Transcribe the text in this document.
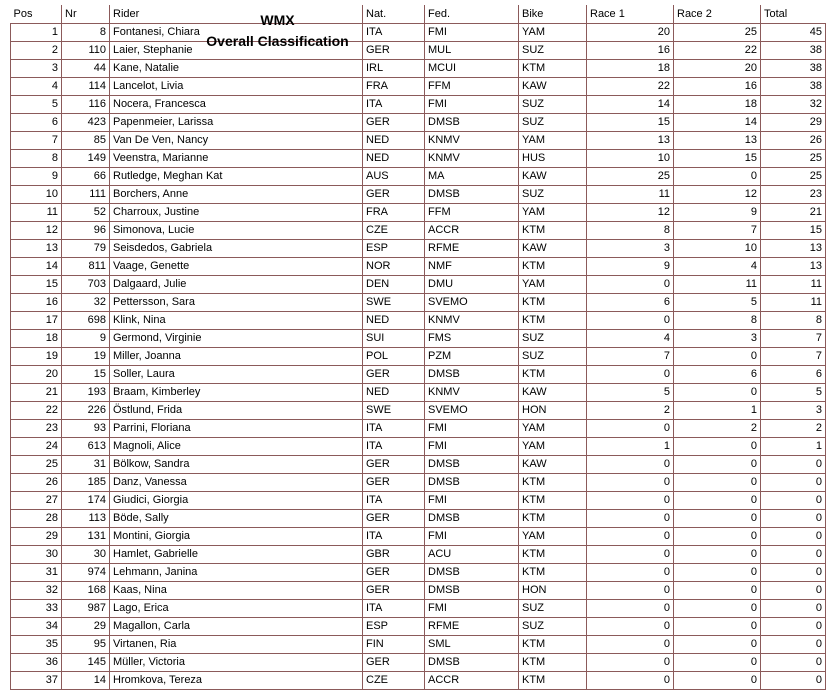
Pos	Nr	Rider	Nat.	Fed.	Bike	Race 1	Race 2	Total
1	8	Fontanesi, Chiara	ITA	FMI	YAM	20	25	45
2	110	Laier, Stephanie	GER	MUL	SUZ	16	22	38
3	44	Kane, Natalie	IRL	MCUI	KTM	18	20	38
4	114	Lancelot, Livia	FRA	FFM	KAW	22	16	38
5	116	Nocera, Francesca	ITA	FMI	SUZ	14	18	32
6	423	Papenmeier, Larissa	GER	DMSB	SUZ	15	14	29
7	85	Van De Ven, Nancy	NED	KNMV	YAM	13	13	26
8	149	Veenstra, Marianne	NED	KNMV	HUS	10	15	25
9	66	Rutledge, Meghan Kat	AUS	MA	KAW	25	0	25
10	111	Borchers, Anne	GER	DMSB	SUZ	11	12	23
11	52	Charroux, Justine	FRA	FFM	YAM	12	9	21
12	96	Simonova, Lucie	CZE	ACCR	KTM	8	7	15
13	79	Seisdedos, Gabriela	ESP	RFME	KAW	3	10	13
14	811	Vaage, Genette	NOR	NMF	KTM	9	4	13
15	703	Dalgaard, Julie	DEN	DMU	YAM	0	11	11
16	32	Pettersson, Sara	SWE	SVEMO	KTM	6	5	11
17	698	Klink, Nina	NED	KNMV	KTM	0	8	8
18	9	Germond, Virginie	SUI	FMS	SUZ	4	3	7
19	19	Miller, Joanna	POL	PZM	SUZ	7	0	7
20	15	Soller, Laura	GER	DMSB	KTM	0	6	6
21	193	Braam, Kimberley	NED	KNMV	KAW	5	0	5
22	226	Östlund, Frida	SWE	SVEMO	HON	2	1	3
23	93	Parrini, Floriana	ITA	FMI	YAM	0	2	2
24	613	Magnoli, Alice	ITA	FMI	YAM	1	0	1
25	31	Bölkow, Sandra	GER	DMSB	KAW	0	0	0
26	185	Danz, Vanessa	GER	DMSB	KTM	0	0	0
27	174	Giudici, Giorgia	ITA	FMI	KTM	0	0	0
28	113	Böde, Sally	GER	DMSB	KTM	0	0	0
29	131	Montini, Giorgia	ITA	FMI	YAM	0	0	0
30	30	Hamlet, Gabrielle	GBR	ACU	KTM	0	0	0
31	974	Lehmann, Janina	GER	DMSB	KTM	0	0	0
32	168	Kaas, Nina	GER	DMSB	HON	0	0	0
33	987	Lago, Erica	ITA	FMI	SUZ	0	0	0
34	29	Magallon, Carla	ESP	RFME	SUZ	0	0	0
35	95	Virtanen, Ria	FIN	SML	KTM	0	0	0
36	145	Müller, Victoria	GER	DMSB	KTM	0	0	0
37	14	Hromkova, Tereza	CZE	ACCR	KTM	0	0	0
WMX
Overall Classification
